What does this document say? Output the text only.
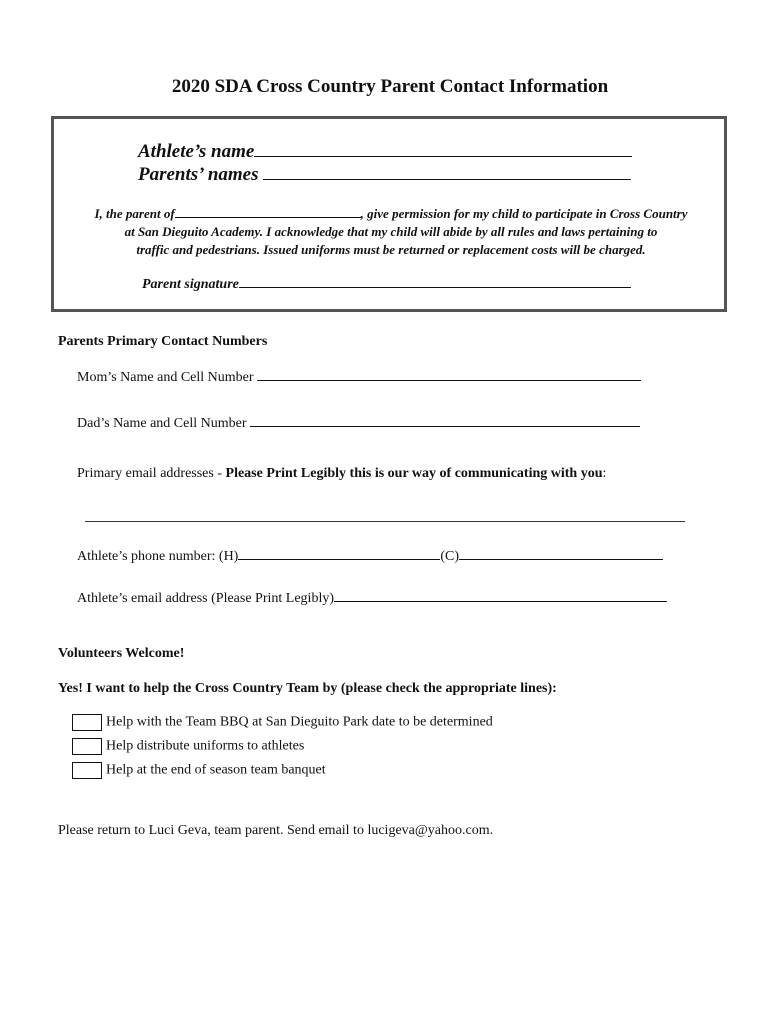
2020 SDA Cross Country Parent Contact Information
Athlete’s name
Parents’ names
I, the parent of	, give permission for my child to participate in Cross Country
at San Dieguito Academy. I acknowledge that my child will abide by all rules and laws pertaining to
traffic and pedestrians. Issued uniforms must be returned or replacement costs will be charged.
Parent signature
Parents Primary Contact Numbers
Mom’s Name and Cell Number
Dad’s Name and Cell Number
Primary email addresses - Please Print Legibly this is our way of communicating with you:
Athlete’s phone number: (H)	(C)
Athlete’s email address (Please Print Legibly)
Volunteers Welcome!
Yes! I want to help the Cross Country Team by (please check the appropriate lines):
Help with the Team BBQ at San Dieguito Park date to be determined
Help distribute uniforms to athletes
Help at the end of season team banquet
Please return to Luci Geva, team parent. Send email to lucigeva@yahoo.com.
